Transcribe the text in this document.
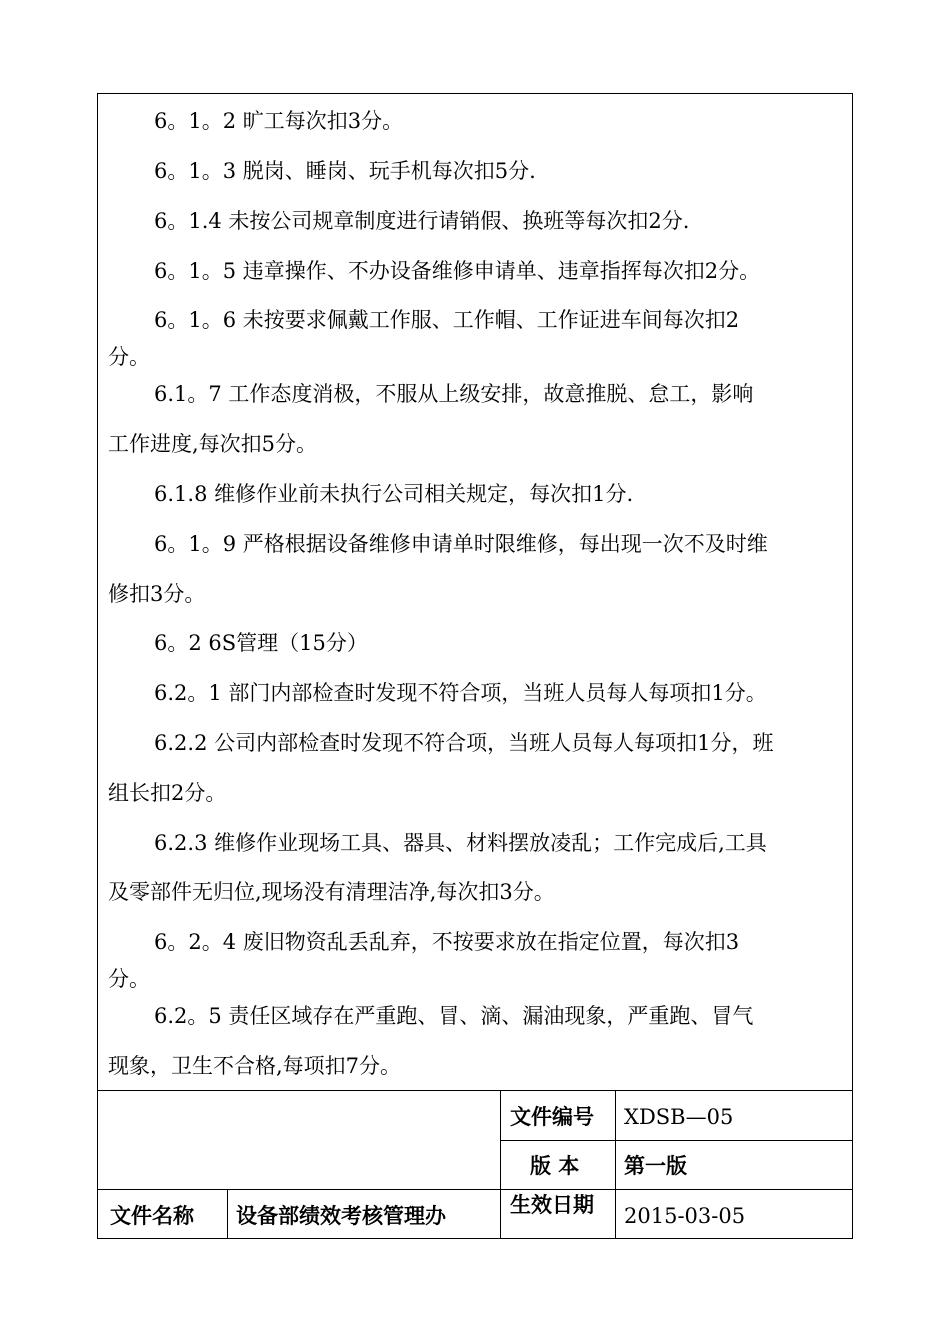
6。1。2 旷工每次扣3分。
6。1。3 脱岗、睡岗、玩手机每次扣5分.
6。1.4 未按公司规章制度进行请销假、换班等每次扣2分.
6。1。5 违章操作、不办设备维修申请单、违章指挥每次扣2分。
6。1。6 未按要求佩戴工作服、工作帽、工作证进车间每次扣2
分。
6.1。7 工作态度消极，不服从上级安排，故意推脱、怠工，影响
工作进度,每次扣5分。
6.1.8 维修作业前未执行公司相关规定，每次扣1分.
6。1。9 严格根据设备维修申请单时限维修，每出现一次不及时维
修扣3分。
6。2 6S管理（15分）
6.2。1 部门内部检查时发现不符合项，当班人员每人每项扣1分。
6.2.2 公司内部检查时发现不符合项，当班人员每人每项扣1分，班
组长扣2分。
6.2.3 维修作业现场工具、器具、材料摆放凌乱；工作完成后,工具
及零部件无归位,现场没有清理洁净,每次扣3分。
6。2。4 废旧物资乱丢乱弃，不按要求放在指定位置，每次扣3
分。
6.2。5 责任区域存在严重跑、冒、滴、漏油现象，严重跑、冒气
现象，卫生不合格,每项扣7分。
文件编号 XDSB—05
版 本 第一版
文件名称 设备部绩效考核管理办	生效日期 2015-03-05
